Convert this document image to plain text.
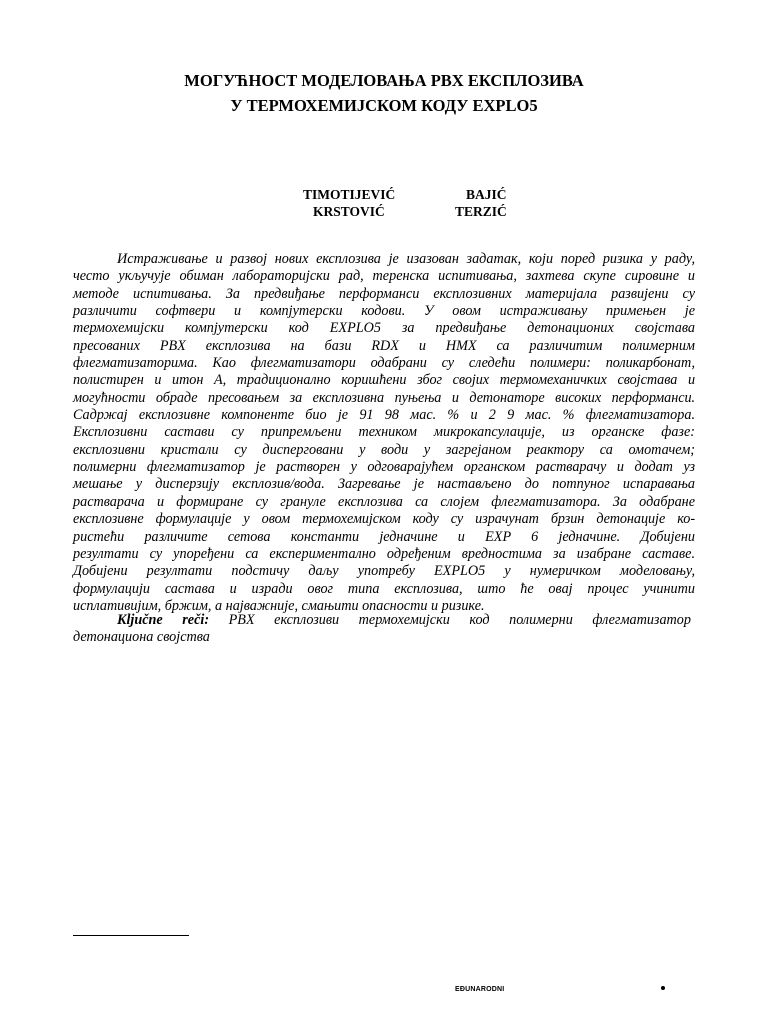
МОГУЋНОСТ МОДЕЛОВАЊА PBX ЕКСПЛОЗИВА
У ТЕРМОХЕМИЈСКОМ КОДУ EXPLO5
TIMOTIJEVIĆ	BAJIĆ
KRSTOVIĆ	TERZIĆ
Истраживање и развој нових експлозива је изазован задатак, који поред ризика у раду,
често укључује обиман лабораторијски рад, теренска испитивања, захтева скупе сировине и
методе испитивања. За предвиђање перформанси експлозивних материјала развијени су
различити софтвери и компјутерски кодови. У овом истраживању примењен је
термохемијски компјутерски код EXPLO5 за предвиђање детонационих својстава
пресованих PBX експлозива на бази RDX и HMX са различитим полимерним
флегматизаторима. Као флегматизатори одабрани су следећи полимери: поликарбонат,
полистирен и итон А, традиционално коришћени због својих термомеханичких својстава и
могућности обраде пресовањем за експлозивна пуњења и детонаторе високих перформанси.
Садржај експлозивне компоненте био је 91 98 мас. % и 2 9 мас. % флегматизатора.
Експлозивни састави су припремљени техником микрокапсулације, из органске фазе:
експлозивни кристали су дисперговани у води у загрејаном реактору са омотачем;
полимерни флегматизатор је растворен у одговарајућем органском растварачу и додат уз
мешање у дисперзију експлозив/вода. Загревање је настављено до потпуног испаравања
растварача и формиране су грануле експлозива са слојем флегматизатора. За одабране
експлозивне формулације у овом термохемијском коду су израчунат брзин детонације ко-
ристећи различите сетова константи једначине и EXP 6 једначине. Добијени
резултати су упоређени са експериментално одређеним вредностима за изабране саставе.
Добијени резултати подстичу даљу употребу EXPLO5 у нумеричком моделовању,
формулацији састава и изради овог типа експлозива, што ће овај процес учинити
исплативијим, бржим, а најважније, смањити опасности и ризике.
Ključne reči: PBX експлозиви термохемијски код полимерни флегматизатор
детонациона својства
EĐUNARODNI
